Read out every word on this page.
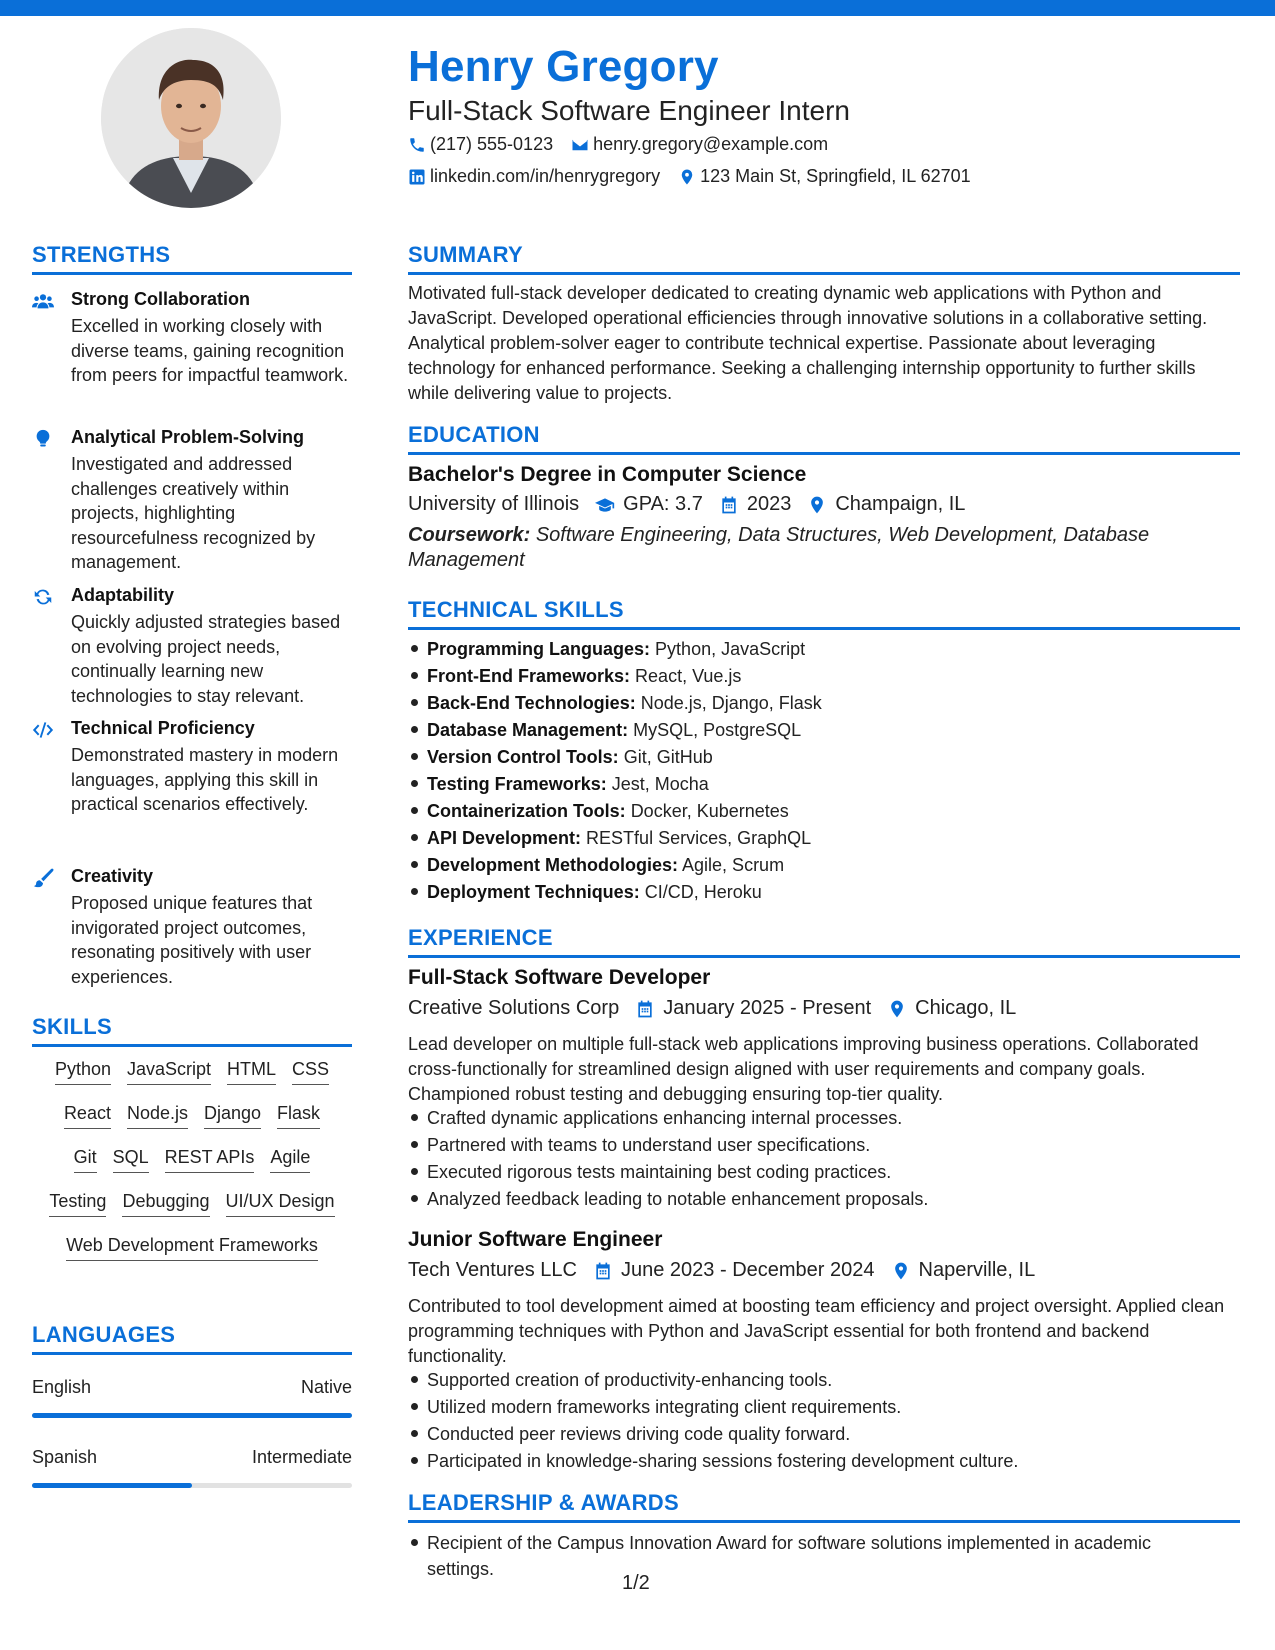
Henry Gregory
Full-Stack Software Engineer Intern
(217) 555-0123 henry.gregory@example.com
linkedin.com/in/henrygregory 123 Main St, Springfield, IL 62701
STRENGTHS
Strong Collaboration
Excelled in working closely with diverse teams, gaining recognition from peers for impactful teamwork.
Analytical Problem-Solving
Investigated and addressed challenges creatively within projects, highlighting resourcefulness recognized by management.
Adaptability
Quickly adjusted strategies based on evolving project needs, continually learning new technologies to stay relevant.
Technical Proficiency
Demonstrated mastery in modern languages, applying this skill in practical scenarios effectively.
Creativity
Proposed unique features that invigorated project outcomes, resonating positively with user experiences.
SKILLS
Python JavaScript HTML CSS
React Node.js Django Flask
Git SQL REST APIs Agile
Testing Debugging UI/UX Design
Web Development Frameworks
LANGUAGES
English	Native
Spanish	Intermediate
SUMMARY
Motivated full-stack developer dedicated to creating dynamic web applications with Python and JavaScript. Developed operational efficiencies through innovative solutions in a collaborative setting. Analytical problem-solver eager to contribute technical expertise. Passionate about leveraging technology for enhanced performance. Seeking a challenging internship opportunity to further skills while delivering value to projects.
EDUCATION
Bachelor's Degree in Computer Science
University of Illinois GPA: 3.7 2023 Champaign, IL
Coursework: Software Engineering, Data Structures, Web Development, Database Management
TECHNICAL SKILLS
Programming Languages: Python, JavaScript
Front-End Frameworks: React, Vue.js
Back-End Technologies: Node.js, Django, Flask
Database Management: MySQL, PostgreSQL
Version Control Tools: Git, GitHub
Testing Frameworks: Jest, Mocha
Containerization Tools: Docker, Kubernetes
API Development: RESTful Services, GraphQL
Development Methodologies: Agile, Scrum
Deployment Techniques: CI/CD, Heroku
EXPERIENCE
Full-Stack Software Developer
Creative Solutions Corp January 2025 - Present Chicago, IL
Lead developer on multiple full-stack web applications improving business operations. Collaborated cross-functionally for streamlined design aligned with user requirements and company goals. Championed robust testing and debugging ensuring top-tier quality.
Crafted dynamic applications enhancing internal processes.
Partnered with teams to understand user specifications.
Executed rigorous tests maintaining best coding practices.
Analyzed feedback leading to notable enhancement proposals.
Junior Software Engineer
Tech Ventures LLC June 2023 - December 2024 Naperville, IL
Contributed to tool development aimed at boosting team efficiency and project oversight. Applied clean programming techniques with Python and JavaScript essential for both frontend and backend functionality.
Supported creation of productivity-enhancing tools.
Utilized modern frameworks integrating client requirements.
Conducted peer reviews driving code quality forward.
Participated in knowledge-sharing sessions fostering development culture.
LEADERSHIP & AWARDS
Recipient of the Campus Innovation Award for software solutions implemented in academic settings.
1/2
